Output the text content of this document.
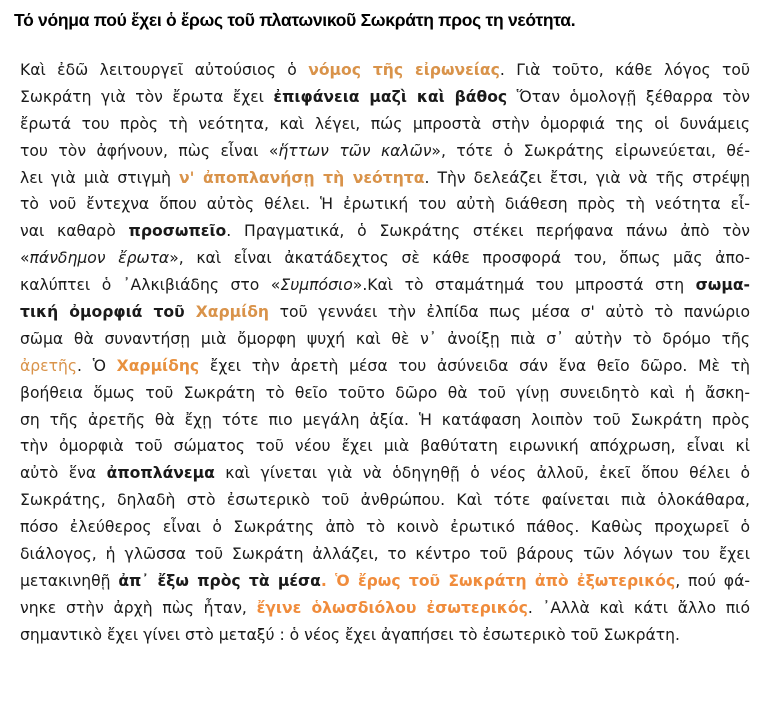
Τό νόημα πού ἔχει ὁ ἔρως τοῦ πλατωνικοῦ Σωκράτη προς τη νεότητα.
Καὶ ἐδῶ λειτουργεῖ αὐτούσιος ὁ νόμος τῆς εἰρωνείας. Γιὰ τοῦτο, κάθε λόγος τοῦ
Σωκράτη γιὰ τὸν ἔρωτα ἔχει ἐπιφάνεια μαζὶ καὶ βάθος Ὅταν ὁμολογῇ ξέθαρρα τὸν
ἔρωτά του πρὸς τὴ νεότητα, καὶ λέγει, πώς μπροστὰ στὴν ὀμορφιά της οἱ δυνάμεις
του τὸν ἀφήνουν, πὼς εἶναι «ἥττων τῶν καλῶν», τότε ὁ Σωκράτης εἰρωνεύεται, θέ-
λει γιὰ μιὰ στιγμὴ ν' ἀποπλανήσῃ τὴ νεότητα. Τὴν δελεάζει ἔτσι, γιὰ νὰ τῆς στρέψῃ
τὸ νοῦ ἔντεχνα ὅπου αὐτὸς θέλει. Ἡ ἐρωτική του αὐτὴ διάθεση πρὸς τὴ νεότητα εἶ-
ναι καθαρὸ προσωπεῖο. Πραγματικά, ὁ Σωκράτης στέκει περήφανα πάνω ἀπὸ τὸν
«πάνδημον ἔρωτα», καὶ εἶναι ἀκατάδεχτος σὲ κάθε προσφορά του, ὅπως μᾶς ἀπο-
καλύπτει ὁ ᾿Αλκιβιάδης στο «Συμπόσιο».Καὶ τὸ σταμάτημά του μπροστά στη σωμα-
τική ὀμορφιά τοῦ Χαρμίδη τοῦ γεννάει τὴν ἐλπίδα πως μέσα σ' αὐτὸ τὸ πανώριο
σῶμα θὰ συναντήσῃ μιὰ ὄμορφη ψυχή καὶ θὲ ν᾽ ἀνοίξῃ πιὰ σ᾽ αὐτὴν τὸ δρόμο τῆς
ἀρετῆς. Ὁ Χαρμίδης ἔχει τὴν ἀρετὴ μέσα του ἀσύνειδα σάν ἕνα θεῖο δῶρο. Μὲ τὴ
βοήθεια ὅμως τοῦ Σωκράτη τὸ θεῖο τοῦτο δῶρο θὰ τοῦ γίνῃ συνειδητὸ καὶ ἡ ἄσκη-
ση τῆς ἀρετῆς θὰ ἔχῃ τότε πιο μεγάλη ἀξία. Ἡ κατάφαση λοιπὸν τοῦ Σωκράτη πρὸς
τὴν ὀμορφιὰ τοῦ σώματος τοῦ νέου ἔχει μιὰ βαθύτατη ειρωνική απόχρωση, εἶναι κἰ
αὐτὸ ἕνα ἀποπλάνεμα καὶ γίνεται γιὰ νὰ ὁδηγηθῇ ὁ νέος ἀλλοῦ, ἐκεῖ ὅπου θέλει ὁ
Σωκράτης, δηλαδὴ στὸ ἐσωτερικὸ τοῦ ἀνθρώπου. Καὶ τότε φαίνεται πιὰ ὁλοκάθαρα,
πόσο ἐλεύθερος εἶναι ὁ Σωκράτης ἀπὸ τὸ κοινὸ ἐρωτικό πάθος. Καθὼς προχωρεῖ ὁ
διάλογος, ἡ γλῶσσα τοῦ Σωκράτη ἀλλάζει, το κέντρο τοῦ βάρους τῶν λόγων του ἔχει
μετακινηθῇ ἀπ᾽ ἔξω πρὸς τὰ μέσα. Ὁ ἔρως τοῦ Σωκράτη ἀπὸ ἐξωτερικός, πού φά-
νηκε στὴν ἀρχὴ πὼς ἦταν, ἔγινε ὁλωσδιόλου ἐσωτερικός. ᾿Αλλὰ καὶ κάτι ἄλλο πιό
σημαντικὸ ἔχει γίνει στὸ μεταξύ : ὁ νέος ἔχει ἀγαπήσει τὸ ἐσωτερικὸ τοῦ Σωκράτη.
